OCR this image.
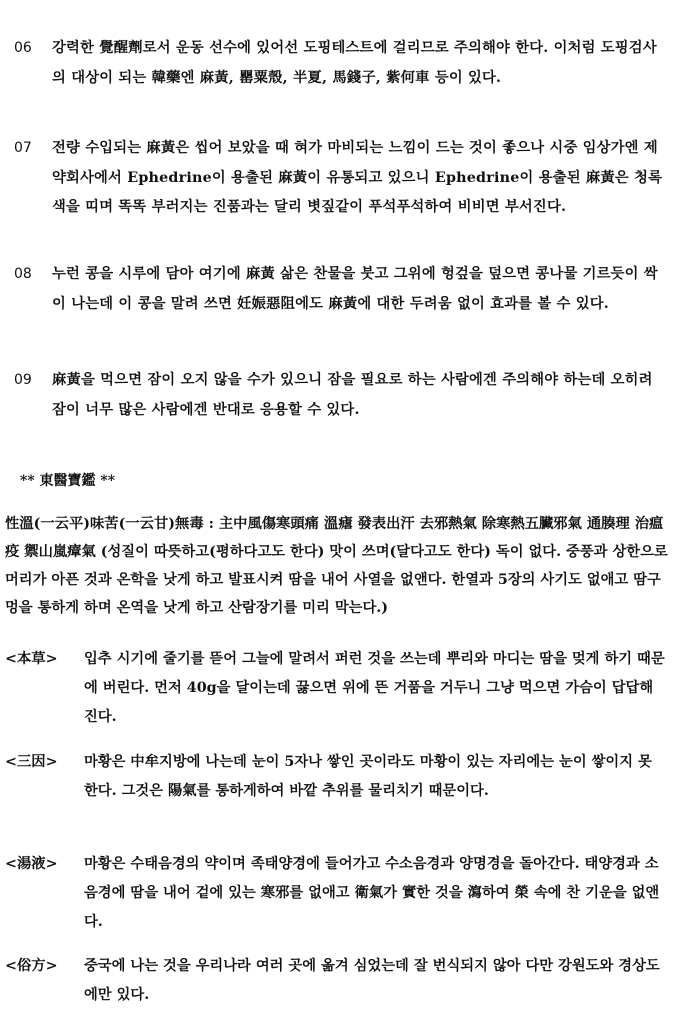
06	강력한 覺醒劑로서 운동 선수에 있어선 도핑테스트에 걸리므로 주의해야 한다. 이처럼 도핑검사의 대상이 되는 韓藥엔 麻黃, 罌粟殼, 半夏, 馬錢子, 紫何車 등이 있다.
07	전량 수입되는 麻黃은 씹어 보았을 때 혀가 마비되는 느낌이 드는 것이 좋으나 시중 임상가엔 제약회사에서 Ephedrine이 용출된 麻黃이 유통되고 있으니 Ephedrine이 용출된 麻黃은 청록색을 띠며 똑똑 부러지는 진품과는 달리 볏짚같이 푸석푸석하여 비비면 부서진다.
08	누런 콩을 시루에 담아 여기에 麻黃 삶은 찬물을 붓고 그위에 헝겊을 덮으면 콩나물 기르듯이 싹이 나는데 이 콩을 말려 쓰면 妊娠惡阻에도 麻黃에 대한 두려움 없이 효과를 볼 수 있다.
09	麻黃을 먹으면 잠이 오지 않을 수가 있으니 잠을 필요로 하는 사람에겐 주의해야 하는데 오히려 잠이 너무 많은 사람에겐 반대로 응용할 수 있다.
** 東醫寶鑑 **
性溫(一云平)味苦(一云甘)無毒 : 主中風傷寒頭痛 溫瘧 發表出汗 去邪熱氣 除寒熱五臟邪氣 通腠理 治瘟疫 禦山嵐瘴氣 (성질이 따뜻하고(평하다고도 한다) 맛이 쓰며(달다고도 한다) 독이 없다. 중풍과 상한으로 머리가 아픈 것과 온학을 낫게 하고 발표시켜 땀을 내어 사열을 없앤다. 한열과 5장의 사기도 없애고 땀구멍을 통하게 하며 온역을 낫게 하고 산람장기를 미리 막는다.)
<本草> 입추 시기에 줄기를 뜯어 그늘에 말려서 퍼런 것을 쓰는데 뿌리와 마디는 땀을 멎게 하기 때문에 버린다. 먼저 40g을 달이는데 끓으면 위에 뜬 거품을 거두니 그냥 먹으면 가슴이 답답해진다.
<三因> 마황은 中牟지방에 나는데 눈이 5자나 쌓인 곳이라도 마황이 있는 자리에는 눈이 쌓이지 못한다. 그것은 陽氣를 통하게하여 바깥 추위를 물리치기 때문이다.
<湯液> 마황은 수태음경의 약이며 족태양경에 들어가고 수소음경과 양명경을 돌아간다. 태양경과 소음경에 땀을 내어 겉에 있는 寒邪를 없애고 衛氣가 實한 것을 瀉하여 榮 속에 찬 기운을 없앤다.
<俗方> 중국에 나는 것을 우리나라 여러 곳에 옮겨 심었는데 잘 번식되지 않아 다만 강원도와 경상도에만 있다.
